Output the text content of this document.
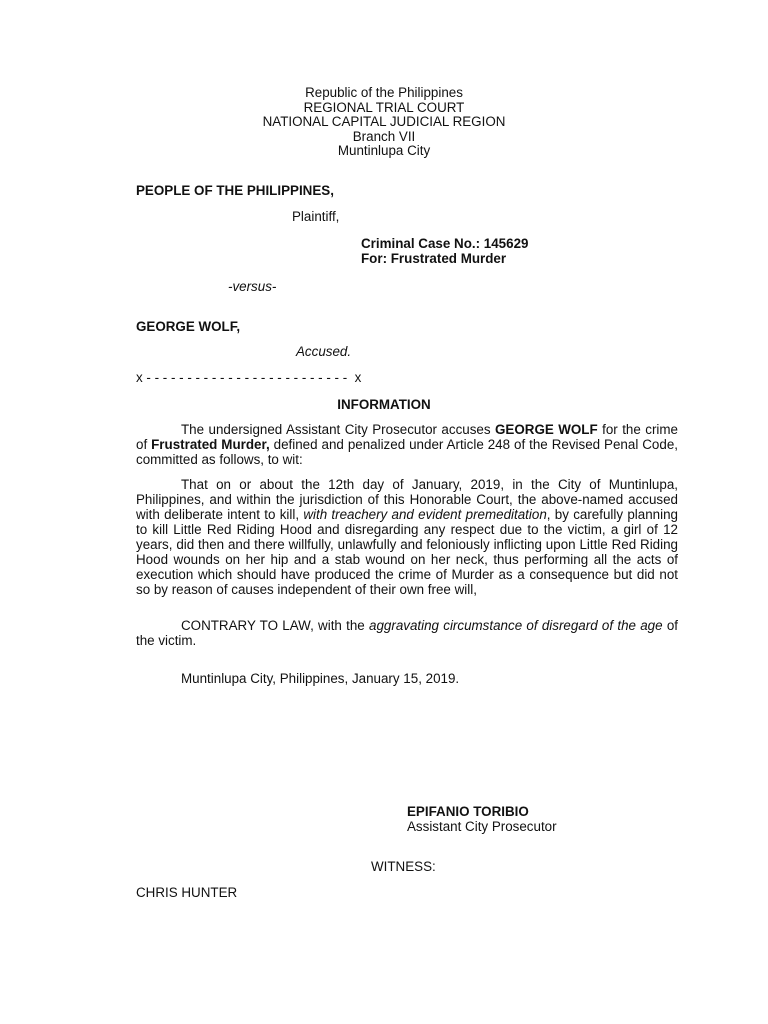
Republic of the Philippines
REGIONAL TRIAL COURT
NATIONAL CAPITAL JUDICIAL REGION
Branch VII
Muntinlupa City
PEOPLE OF THE PHILIPPINES,
Plaintiff,
Criminal Case No.: 145629
For: Frustrated Murder
-versus-
GEORGE WOLF,
Accused.
x - - - - - - - - - - - - - - - - - - - - - - - - -  x
INFORMATION

The undersigned Assistant City Prosecutor accuses GEORGE WOLF for the crime of Frustrated Murder, defined and penalized under Article 248 of the Revised Penal Code, committed as follows, to wit:

That on or about the 12th day of January, 2019, in the City of Muntinlupa, Philippines, and within the jurisdiction of this Honorable Court, the above-named accused with deliberate intent to kill, with treachery and evident premeditation, by carefully planning to kill Little Red Riding Hood and disregarding any respect due to the victim, a girl of 12 years, did then and there willfully, unlawfully and feloniously inflicting upon Little Red Riding Hood wounds on her hip and a stab wound on her neck, thus performing all the acts of execution which should have produced the crime of Murder as a consequence but did not so by reason of causes independent of their own free will,

CONTRARY TO LAW, with the aggravating circumstance of disregard of the age of the victim.

Muntinlupa City, Philippines, January 15, 2019.
EPIFANIO TORIBIO
Assistant City Prosecutor
WITNESS:
CHRIS HUNTER
